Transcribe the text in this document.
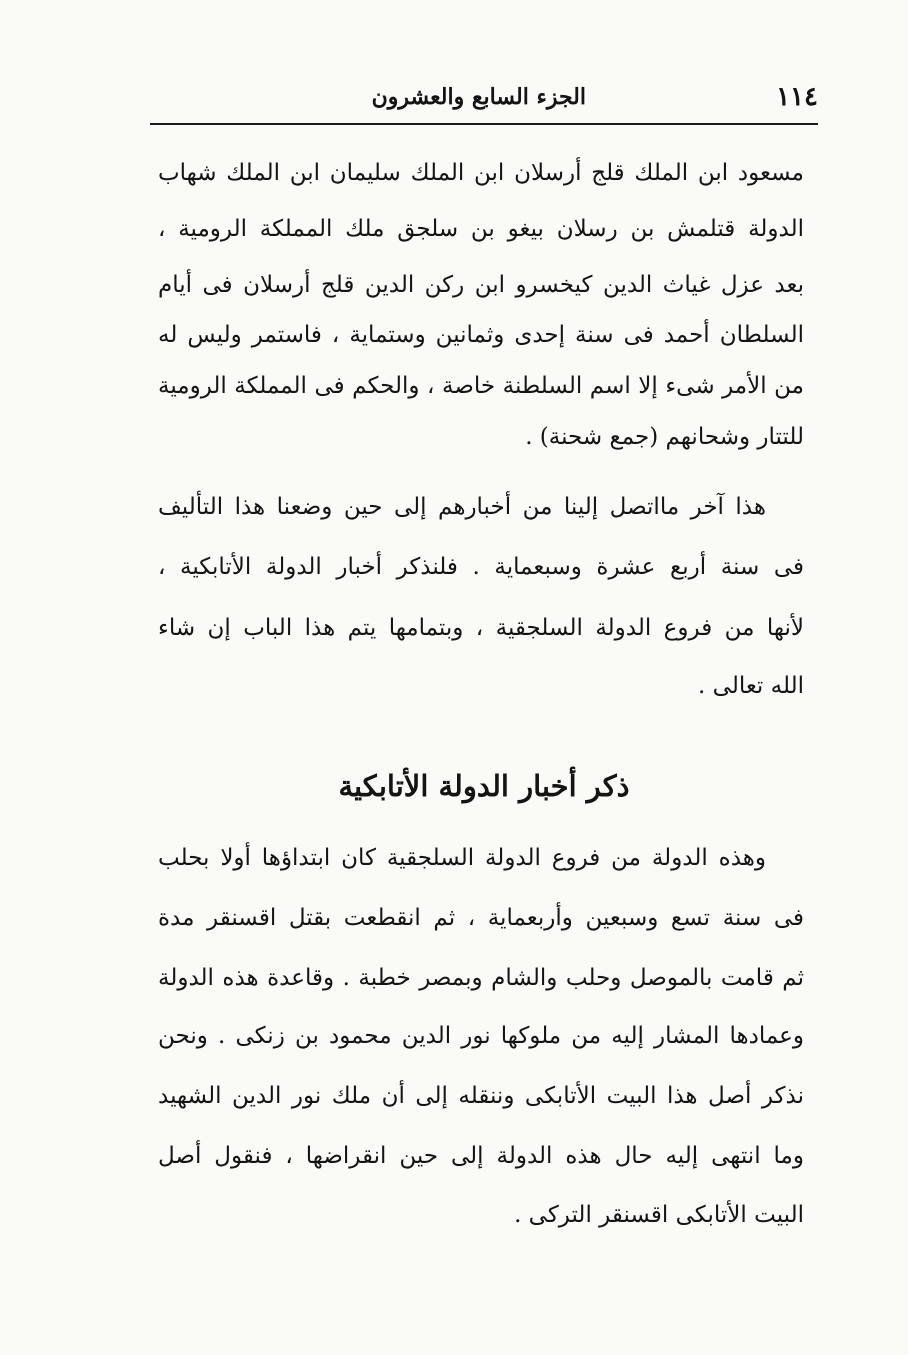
١١٤
الجزء السابع والعشرون
مسعود ابن الملك قلج أرسلان ابن الملك سليمان ابن الملك شهاب
الدولة قتلمش بن رسلان بيغو بن سلجق ملك المملكة الرومية ،
بعد عزل غياث الدين كيخسرو ابن ركن الدين قلج أرسلان فى أيام
السلطان أحمد فى سنة إحدى وثمانين وستماية ، فاستمر وليس له
من الأمر شىء إلا اسم السلطنة خاصة ، والحكم فى المملكة الرومية
للتتار وشحانهم (جمع شحنة) .
هذا آخر مااتصل إلينا من أخبارهم إلى حين وضعنا هذا التأليف
فى سنة أربع عشرة وسبعماية . فلنذكر أخبار الدولة الأتابكية ،
لأنها من فروع الدولة السلجقية ، وبتمامها يتم هذا الباب إن شاء
الله تعالى .
ذكر أخبار الدولة الأتابكية
وهذه الدولة من فروع الدولة السلجقية كان ابتداؤها أولا بحلب
فى سنة تسع وسبعين وأربعماية ، ثم انقطعت بقتل اقسنقر مدة
ثم قامت بالموصل وحلب والشام وبمصر خطبة . وقاعدة هذه الدولة
وعمادها المشار إليه من ملوكها نور الدين محمود بن زنكى . ونحن
نذكر أصل هذا البيت الأتابكى وننقله إلى أن ملك نور الدين الشهيد
وما انتهى إليه حال هذه الدولة إلى حين انقراضها ، فنقول أصل
البيت الأتابكى اقسنقر التركى .
